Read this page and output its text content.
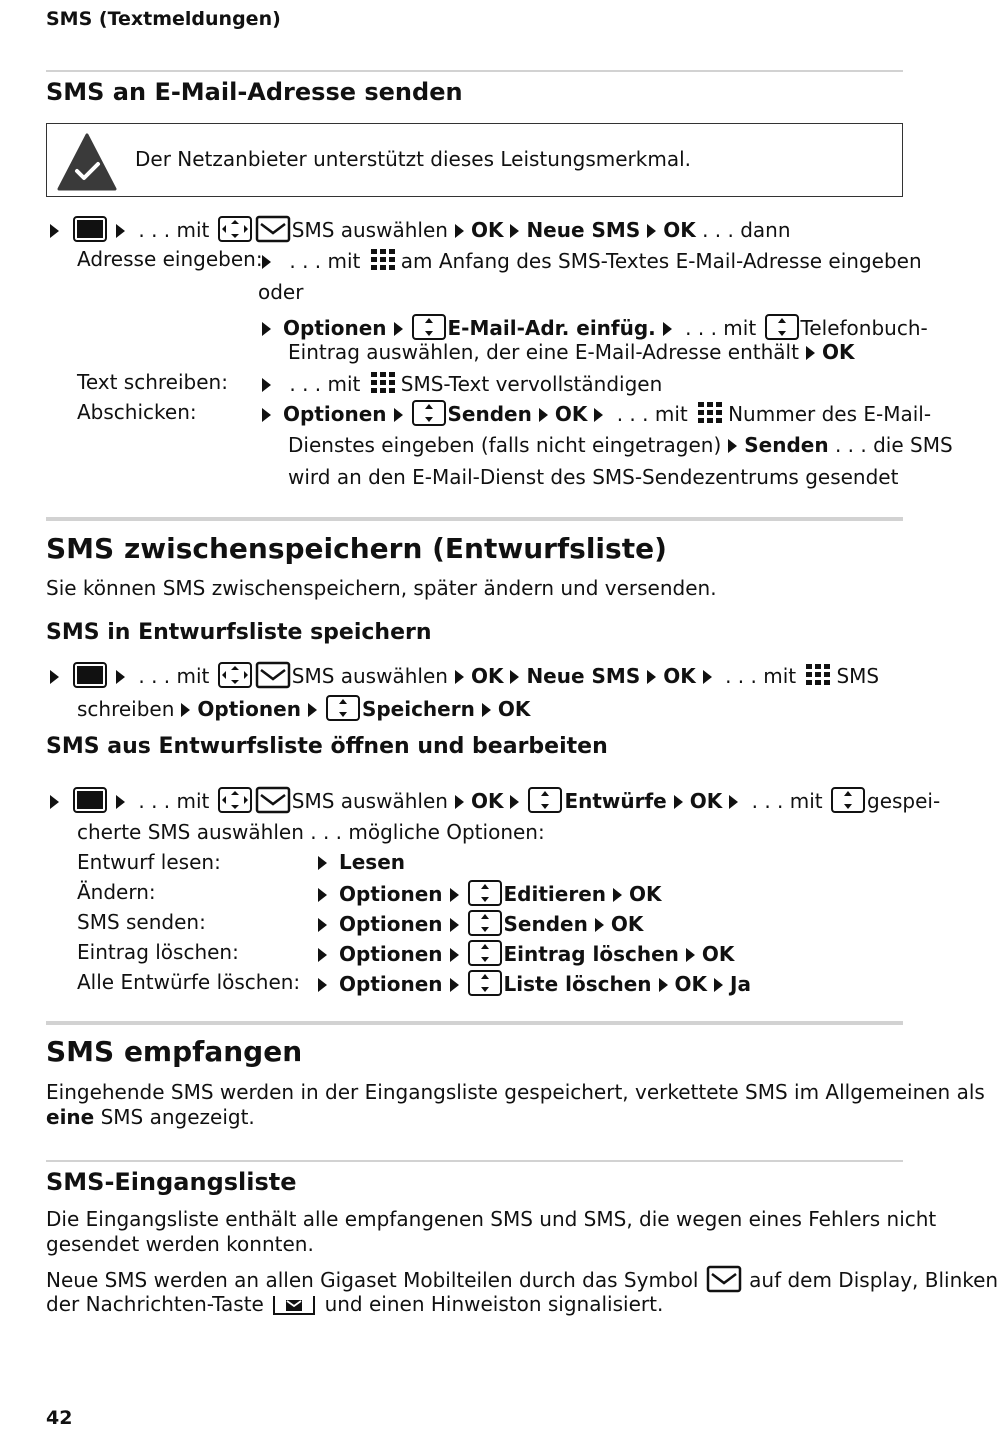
SMS (Textmeldungen)
SMS an E-Mail-Adresse senden
Der Netzanbieter unterstützt dieses Leistungsmerkmal.
. . . mit	SMS auswählen OK Neue SMS OK . . . dann
Adresse eingeben:	. . . mit am Anfang des SMS-Textes E-Mail-Adresse eingeben
oder
Optionen	E-Mail-Adr. einfüg. . . . mit Telefonbuch-
Eintrag auswählen, der eine E-Mail-Adresse enthält OK
Text schreiben:	. . . mit SMS-Text vervollständigen
Abschicken:	Optionen	Senden OK . . . mit Nummer des E-Mail-
Dienstes eingeben (falls nicht eingetragen) Senden . . . die SMS
wird an den E-Mail-Dienst des SMS-Sendezentrums gesendet
SMS zwischenspeichern (Entwurfsliste)
Sie können SMS zwischenspeichern, später ändern und versenden.
SMS in Entwurfsliste speichern
. . . mit	SMS auswählen OK Neue SMS OK . . . mit SMS
schreiben Optionen	Speichern OK
SMS aus Entwurfsliste öffnen und bearbeiten
. . . mit	SMS auswählen OK	Entwürfe OK . . . mit gespei-
cherte SMS auswählen . . . mögliche Optionen:
Entwurf lesen:	Lesen
Ändern:	Optionen	Editieren OK
SMS senden:	Optionen	Senden OK
Eintrag löschen:	Optionen	Eintrag löschen OK
Alle Entwürfe löschen:	Optionen	Liste löschen OK Ja
SMS empfangen
Eingehende SMS werden in der Eingangsliste gespeichert, verkettete SMS im Allgemeinen als
eine SMS angezeigt.
SMS-Eingangsliste
Die Eingangsliste enthält alle empfangenen SMS und SMS, die wegen eines Fehlers nicht
gesendet werden konnten.
Neue SMS werden an allen Gigaset Mobilteilen durch das Symbol	auf dem Display, Blinken
der Nachrichten-Taste	und einen Hinweiston signalisiert.
42
